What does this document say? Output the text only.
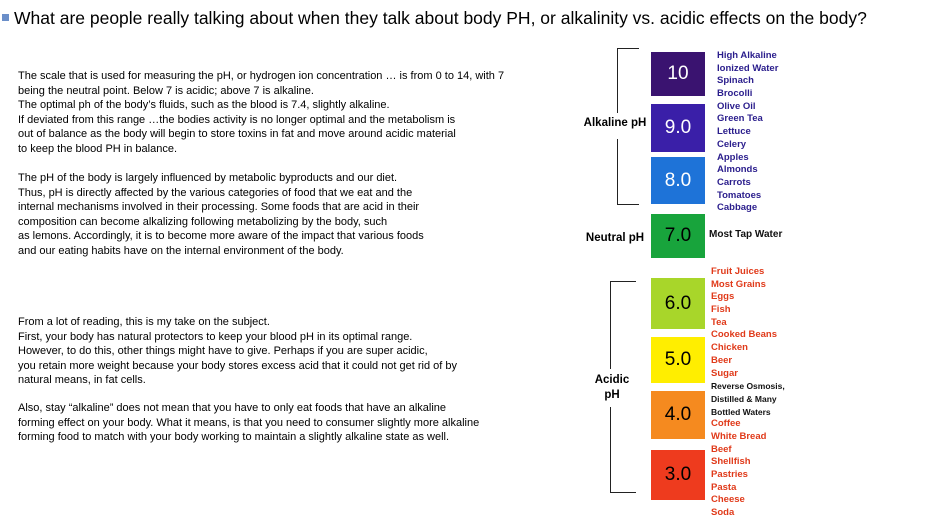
What are people really talking about when they talk about body PH, or alkalinity vs. acidic effects on the body?
The scale that is used for measuring the pH, or hydrogen ion concentration … is from 0 to 14, with 7
being the neutral point. Below 7 is acidic; above 7 is alkaline.
The optimal ph of the body’s fluids, such as the blood is 7.4, slightly alkaline.
If deviated from this range …the bodies activity is no longer optimal and the metabolism is
out of balance as the body will begin to store toxins in fat and move around acidic material
to keep the blood PH in balance.
The pH of the body is largely influenced by metabolic byproducts and our diet.
Thus, pH is directly affected by the various categories of food that we eat and the
internal mechanisms involved in their processing. Some foods that are acid in their
composition can become alkalizing following metabolizing by the body, such
as lemons. Accordingly, it is to become more aware of the impact that various foods
and our eating habits have on the internal environment of the body.
From a lot of reading, this is my take on the subject.
First, your body has natural protectors to keep your blood pH in its optimal range.
However, to do this, other things might have to give. Perhaps if you are super acidic,
you retain more weight because your body stores excess acid that it could not get rid of by
natural means, in fat cells.
Also, stay “alkaline” does not mean that you have to only eat foods that have an alkaline
forming effect on your body. What it means, is that you need to consumer slightly more alkaline
forming food to match with your body working to maintain a slightly alkaline state as well.
Alkaline pH
Neutral pH
Acidic
pH
10
9.0
8.0
7.0
6.0
5.0
4.0
3.0
High Alkaline
Ionized Water
Spinach
Brocolli
Olive Oil
Green Tea
Lettuce
Celery
Apples
Almonds
Carrots
Tomatoes
Cabbage
Most Tap Water
Fruit Juices
Most Grains
Eggs
Fish
Tea
Cooked Beans
Chicken
Beer
Sugar
Reverse Osmosis,
Distilled & Many
Bottled Waters
Coffee
White Bread
Beef
Shellfish
Pastries
Pasta
Cheese
Soda
